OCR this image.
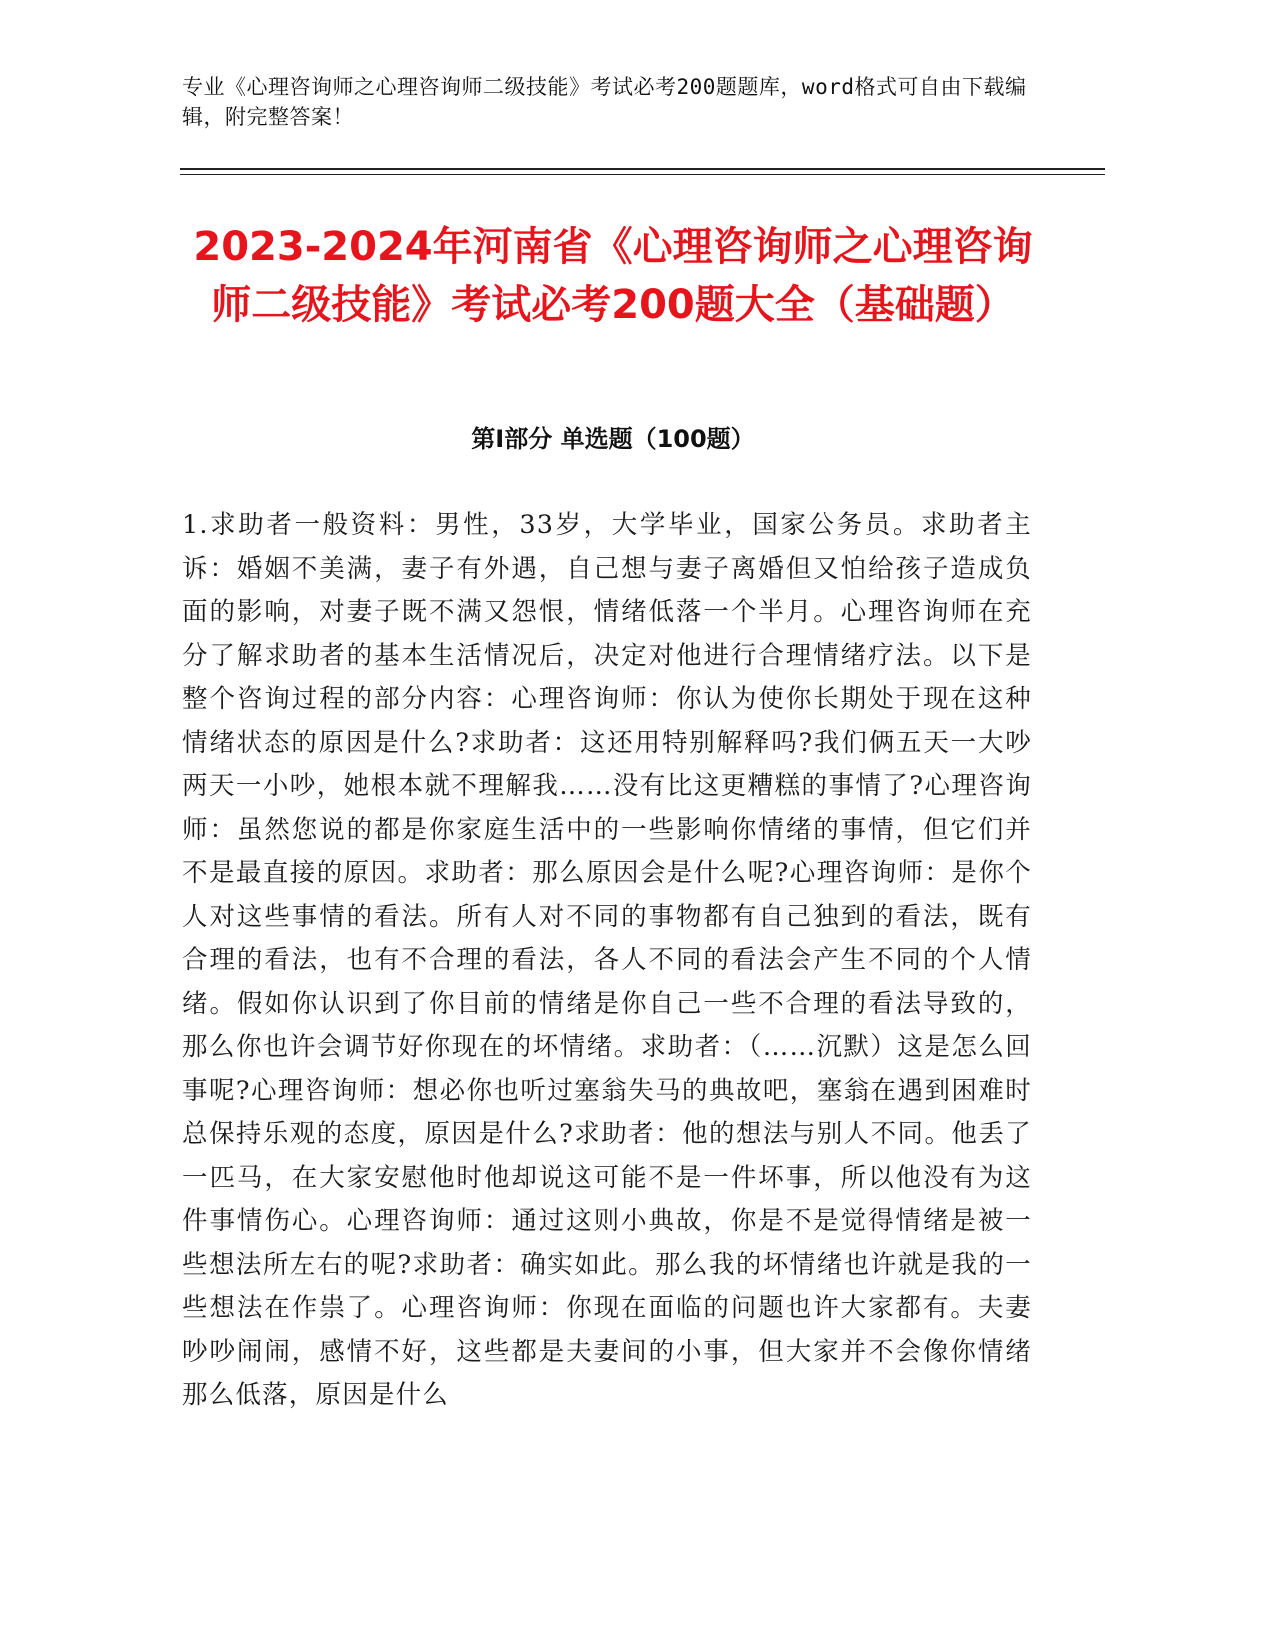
专业《心理咨询师之心理咨询师二级技能》考试必考200题题库，word格式可自由下载编辑，附完整答案！
2023-2024年河南省《心理咨询师之心理咨询师二级技能》考试必考200题大全（基础题）
第I部分 单选题（100题）

1.求助者一般资料：男性，33岁，大学毕业，国家公务员。求助者主诉：婚姻不美满，妻子有外遇，自己想与妻子离婚但又怕给孩子造成负面的影响，对妻子既不满又怨恨，情绪低落一个半月。心理咨询师在充分了解求助者的基本生活情况后，决定对他进行合理情绪疗法。以下是整个咨询过程的部分内容：心理咨询师：你认为使你长期处于现在这种情绪状态的原因是什么?求助者：这还用特别解释吗?我们俩五天一大吵两天一小吵，她根本就不理解我……没有比这更糟糕的事情了?心理咨询师：虽然您说的都是你家庭生活中的一些影响你情绪的事情，但它们并不是最直接的原因。求助者：那么原因会是什么呢?心理咨询师：是你个人对这些事情的看法。所有人对不同的事物都有自己独到的看法，既有合理的看法，也有不合理的看法，各人不同的看法会产生不同的个人情绪。假如你认识到了你目前的情绪是你自己一些不合理的看法导致的，那么你也许会调节好你现在的坏情绪。求助者：（……沉默）这是怎么回事呢?心理咨询师：想必你也听过塞翁失马的典故吧，塞翁在遇到困难时总保持乐观的态度，原因是什么?求助者：他的想法与别人不同。他丢了一匹马，在大家安慰他时他却说这可能不是一件坏事，所以他没有为这件事情伤心。心理咨询师：通过这则小典故，你是不是觉得情绪是被一些想法所左右的呢?求助者：确实如此。那么我的坏情绪也许就是我的一些想法在作祟了。心理咨询师：你现在面临的问题也许大家都有。夫妻吵吵闹闹，感情不好，这些都是夫妻间的小事，但大家并不会像你情绪那么低落，原因是什么
